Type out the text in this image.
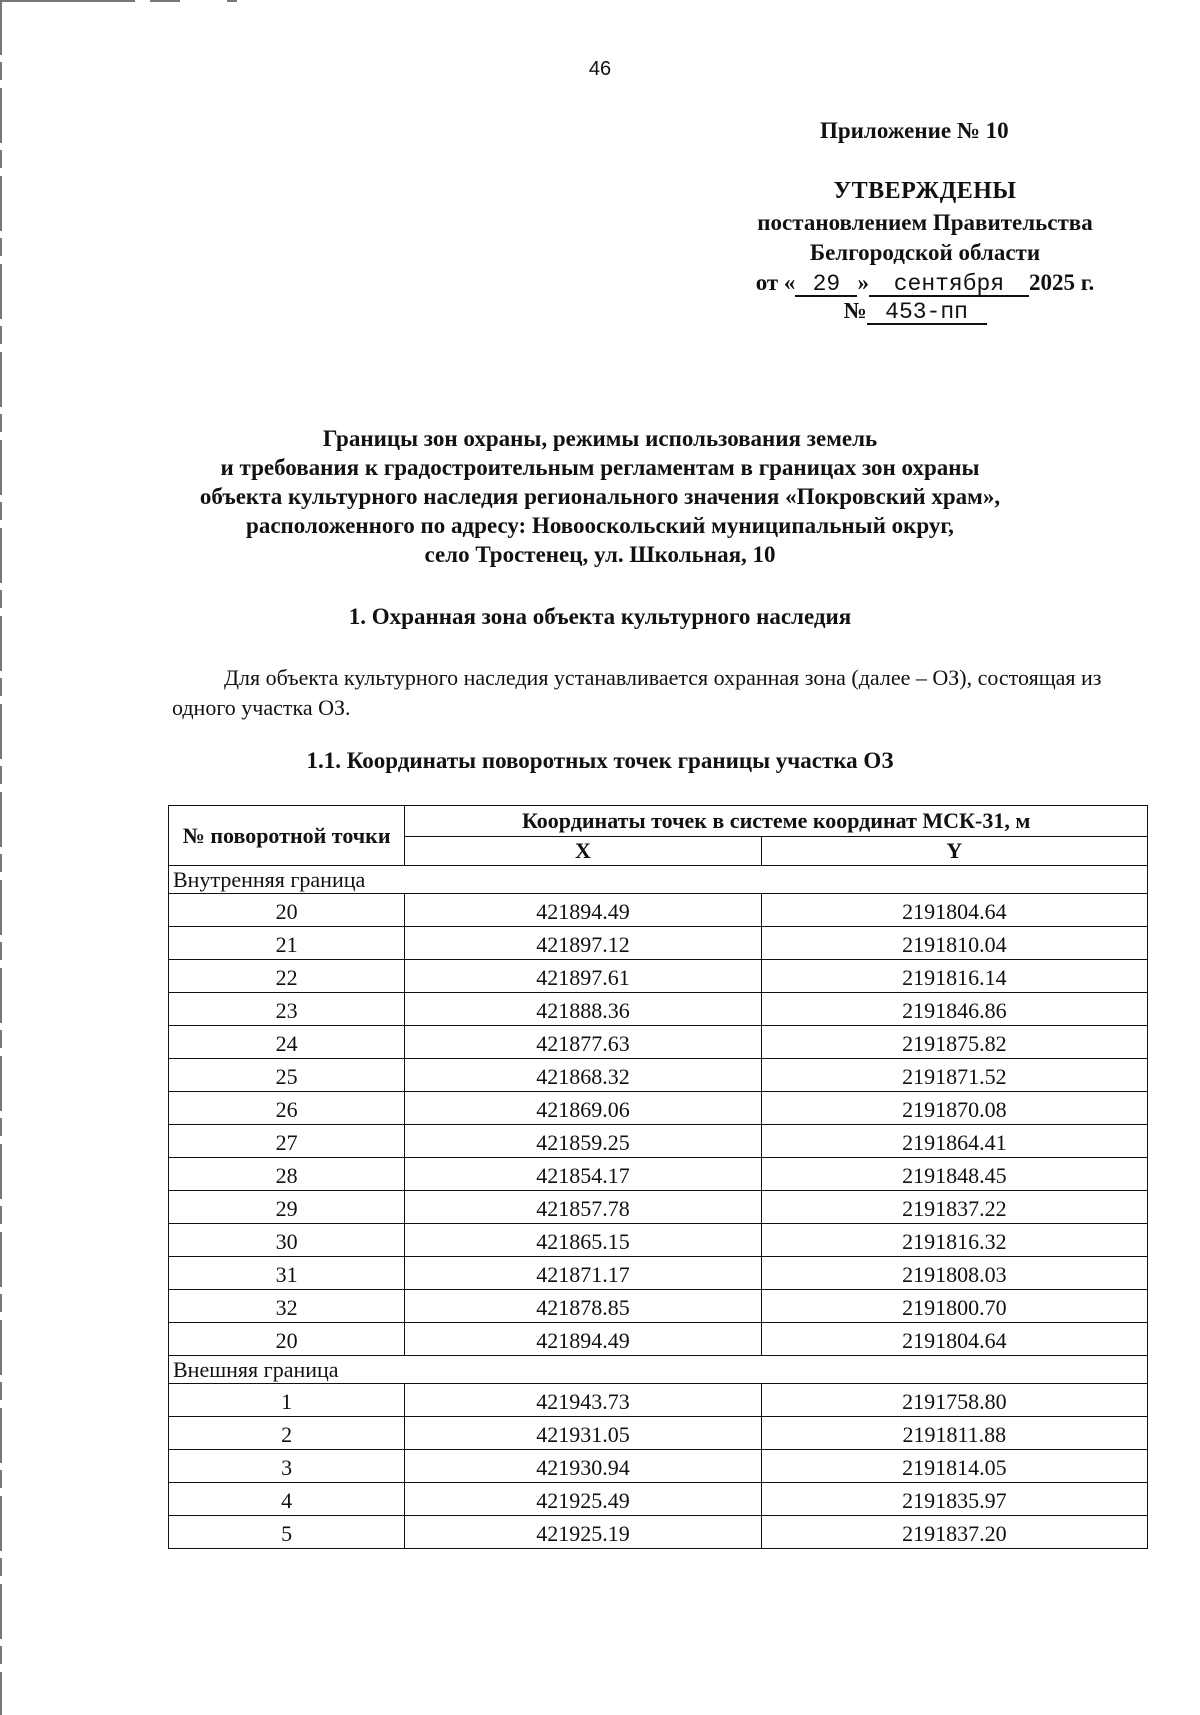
46
Приложение № 10
УТВЕРЖДЕНЫ
постановлением Правительства
Белгородской области
от « 29 » сентября 2025 г.
№ 453-пп
Границы зон охраны, режимы использования земель
и требования к градостроительным регламентам в границах зон охраны
объекта культурного наследия регионального значения «Покровский храм»,
расположенного по адресу: Новооскольский муниципальный округ,
село Тростенец, ул. Школьная, 10
1. Охранная зона объекта культурного наследия
Для объекта культурного наследия устанавливается охранная зона (далее – ОЗ), состоящая из одного участка ОЗ.
1.1. Координаты поворотных точек границы участка ОЗ
№ поворотной точки	Координаты точек в системе координат МСК-31, м	
	X	Y
Внутренняя граница		
20	421894.49	2191804.64
21	421897.12	2191810.04
22	421897.61	2191816.14
23	421888.36	2191846.86
24	421877.63	2191875.82
25	421868.32	2191871.52
26	421869.06	2191870.08
27	421859.25	2191864.41
28	421854.17	2191848.45
29	421857.78	2191837.22
30	421865.15	2191816.32
31	421871.17	2191808.03
32	421878.85	2191800.70
20	421894.49	2191804.64
Внешняя граница		
1	421943.73	2191758.80
2	421931.05	2191811.88
3	421930.94	2191814.05
4	421925.49	2191835.97
5	421925.19	2191837.20
